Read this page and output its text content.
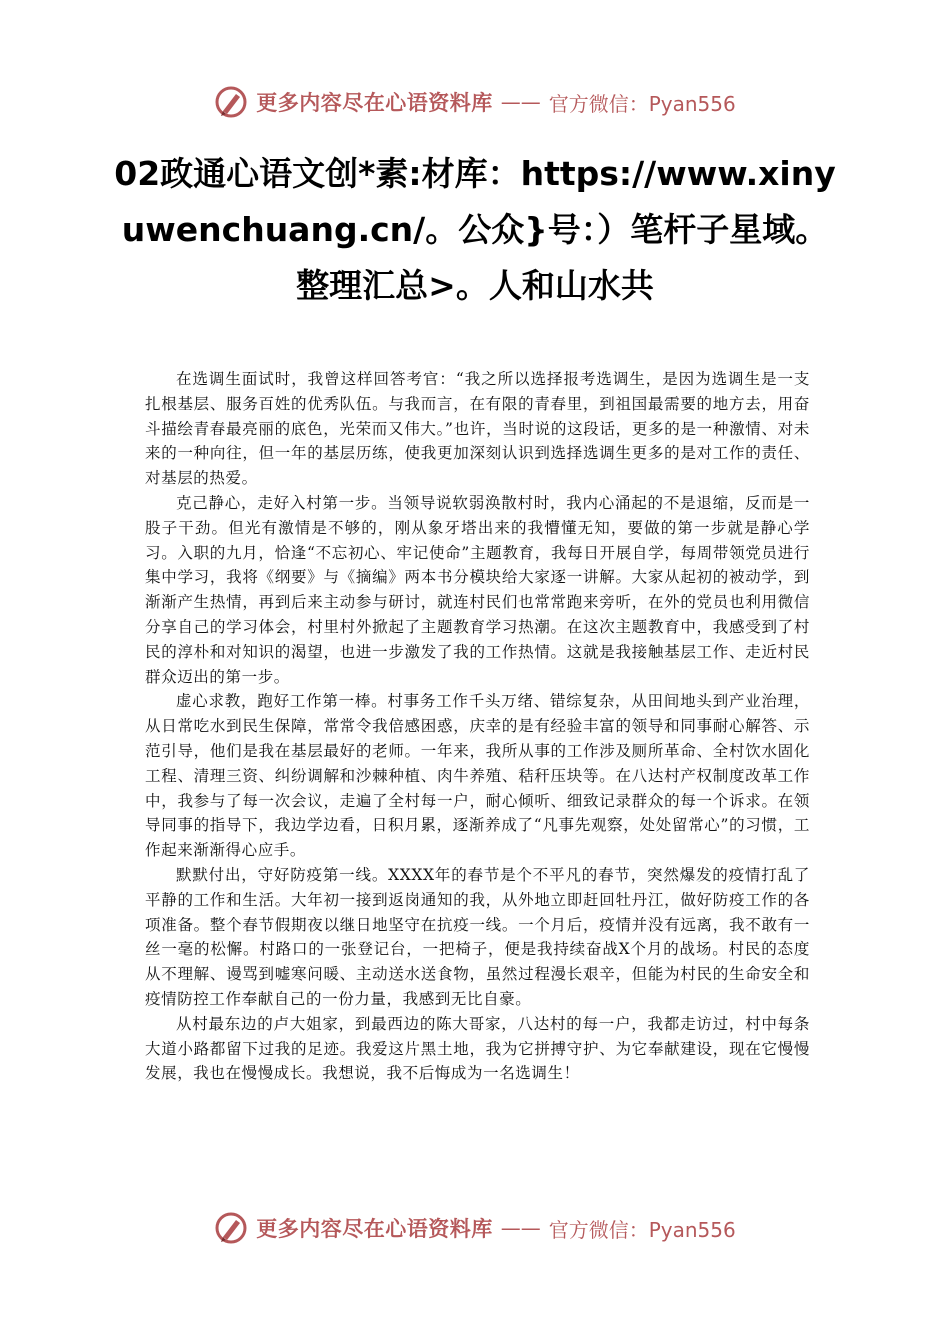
更多内容尽在心语资料库 —— 官方微信：Pyan556
02政通心语文创*素:材库：https://www.xinyuwenchuang.cn/。公众}号：）笔杆子星域。整理汇总>。人和山水共

在选调生面试时，我曾这样回答考官：“我之所以选择报考选调生，是因为选调生是一支扎根基层、服务百姓的优秀队伍。与我而言，在有限的青春里，到祖国最需要的地方去，用奋斗描绘青春最亮丽的底色，光荣而又伟大。”也许，当时说的这段话，更多的是一种激情、对未来的一种向往，但一年的基层历练，使我更加深刻认识到选择选调生更多的是对工作的责任、对基层的热爱。

克己静心，走好入村第一步。当领导说软弱涣散村时，我内心涌起的不是退缩，反而是一股子干劲。但光有激情是不够的，刚从象牙塔出来的我懵懂无知，要做的第一步就是静心学习。入职的九月，恰逢“不忘初心、牢记使命”主题教育，我每日开展自学，每周带领党员进行集中学习，我将《纲要》与《摘编》两本书分模块给大家逐一讲解。大家从起初的被动学，到渐渐产生热情，再到后来主动参与研讨，就连村民们也常常跑来旁听，在外的党员也利用微信分享自己的学习体会，村里村外掀起了主题教育学习热潮。在这次主题教育中，我感受到了村民的淳朴和对知识的渴望，也进一步激发了我的工作热情。这就是我接触基层工作、走近村民群众迈出的第一步。

虚心求教，跑好工作第一棒。村事务工作千头万绪、错综复杂，从田间地头到产业治理，从日常吃水到民生保障，常常令我倍感困惑，庆幸的是有经验丰富的领导和同事耐心解答、示范引导，他们是我在基层最好的老师。一年来，我所从事的工作涉及厕所革命、全村饮水固化工程、清理三资、纠纷调解和沙棘种植、肉牛养殖、秸秆压块等。在八达村产权制度改革工作中，我参与了每一次会议，走遍了全村每一户，耐心倾听、细致记录群众的每一个诉求。在领导同事的指导下，我边学边看，日积月累，逐渐养成了“凡事先观察，处处留常心”的习惯，工作起来渐渐得心应手。

默默付出，守好防疫第一线。XXXX年的春节是个不平凡的春节，突然爆发的疫情打乱了平静的工作和生活。大年初一接到返岗通知的我，从外地立即赶回牡丹江，做好防疫工作的各项准备。整个春节假期夜以继日地坚守在抗疫一线。一个月后，疫情并没有远离，我不敢有一丝一毫的松懈。村路口的一张登记台，一把椅子，便是我持续奋战X个月的战场。村民的态度从不理解、谩骂到嘘寒问暖、主动送水送食物，虽然过程漫长艰辛，但能为村民的生命安全和疫情防控工作奉献自己的一份力量，我感到无比自豪。

从村最东边的卢大姐家，到最西边的陈大哥家，八达村的每一户，我都走访过，村中每条大道小路都留下过我的足迹。我爱这片黑土地，我为它拼搏守护、为它奉献建设，现在它慢慢发展，我也在慢慢成长。我想说，我不后悔成为一名选调生！

更多内容尽在心语资料库 —— 官方微信：Pyan556
